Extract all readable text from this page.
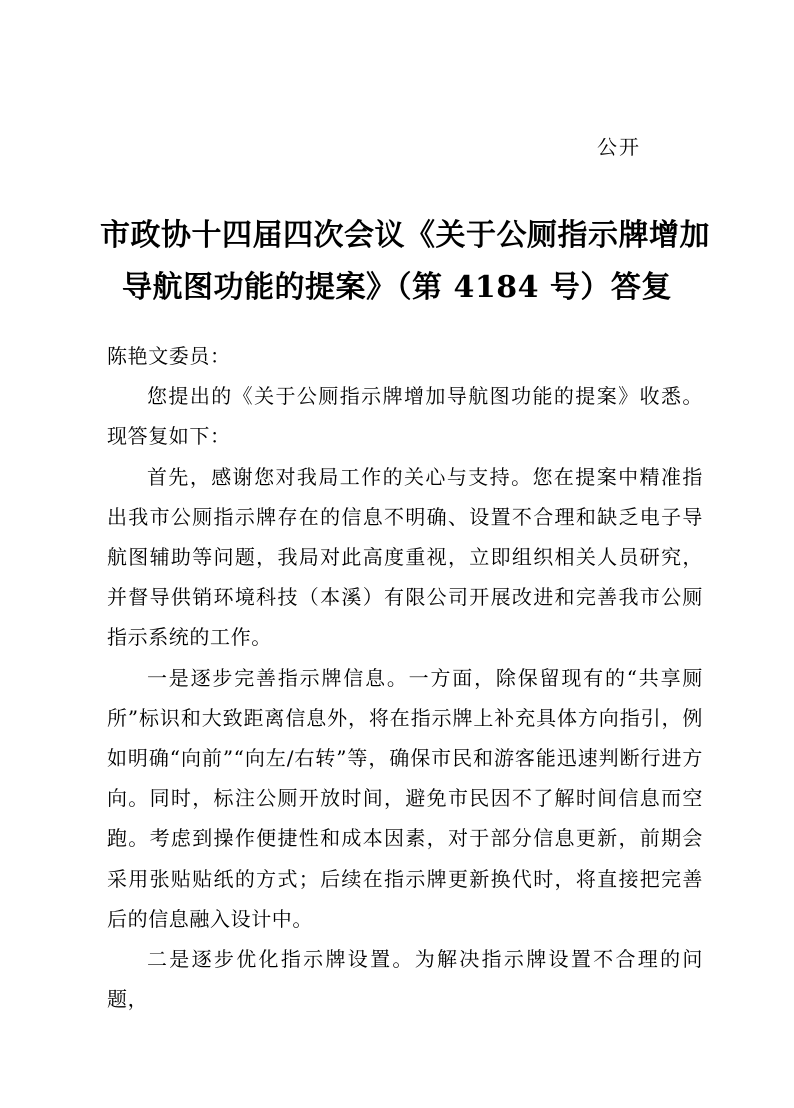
公开
市政协十四届四次会议《关于公厕指示牌增加
导航图功能的提案》（第 4184 号）答复

陈艳文委员：

您提出的《关于公厕指示牌增加导航图功能的提案》收悉。现答复如下：

首先，感谢您对我局工作的关心与支持。您在提案中精准指出我市公厕指示牌存在的信息不明确、设置不合理和缺乏电子导航图辅助等问题，我局对此高度重视，立即组织相关人员研究，并督导供销环境科技（本溪）有限公司开展改进和完善我市公厕指示系统的工作。

一是逐步完善指示牌信息。一方面，除保留现有的“共享厕所”标识和大致距离信息外，将在指示牌上补充具体方向指引，例如明确“向前”“向左/右转”等，确保市民和游客能迅速判断行进方向。同时，标注公厕开放时间，避免市民因不了解时间信息而空跑。考虑到操作便捷性和成本因素，对于部分信息更新，前期会采用张贴贴纸的方式；后续在指示牌更新换代时，将直接把完善后的信息融入设计中。

二是逐步优化指示牌设置。为解决指示牌设置不合理的问题，
